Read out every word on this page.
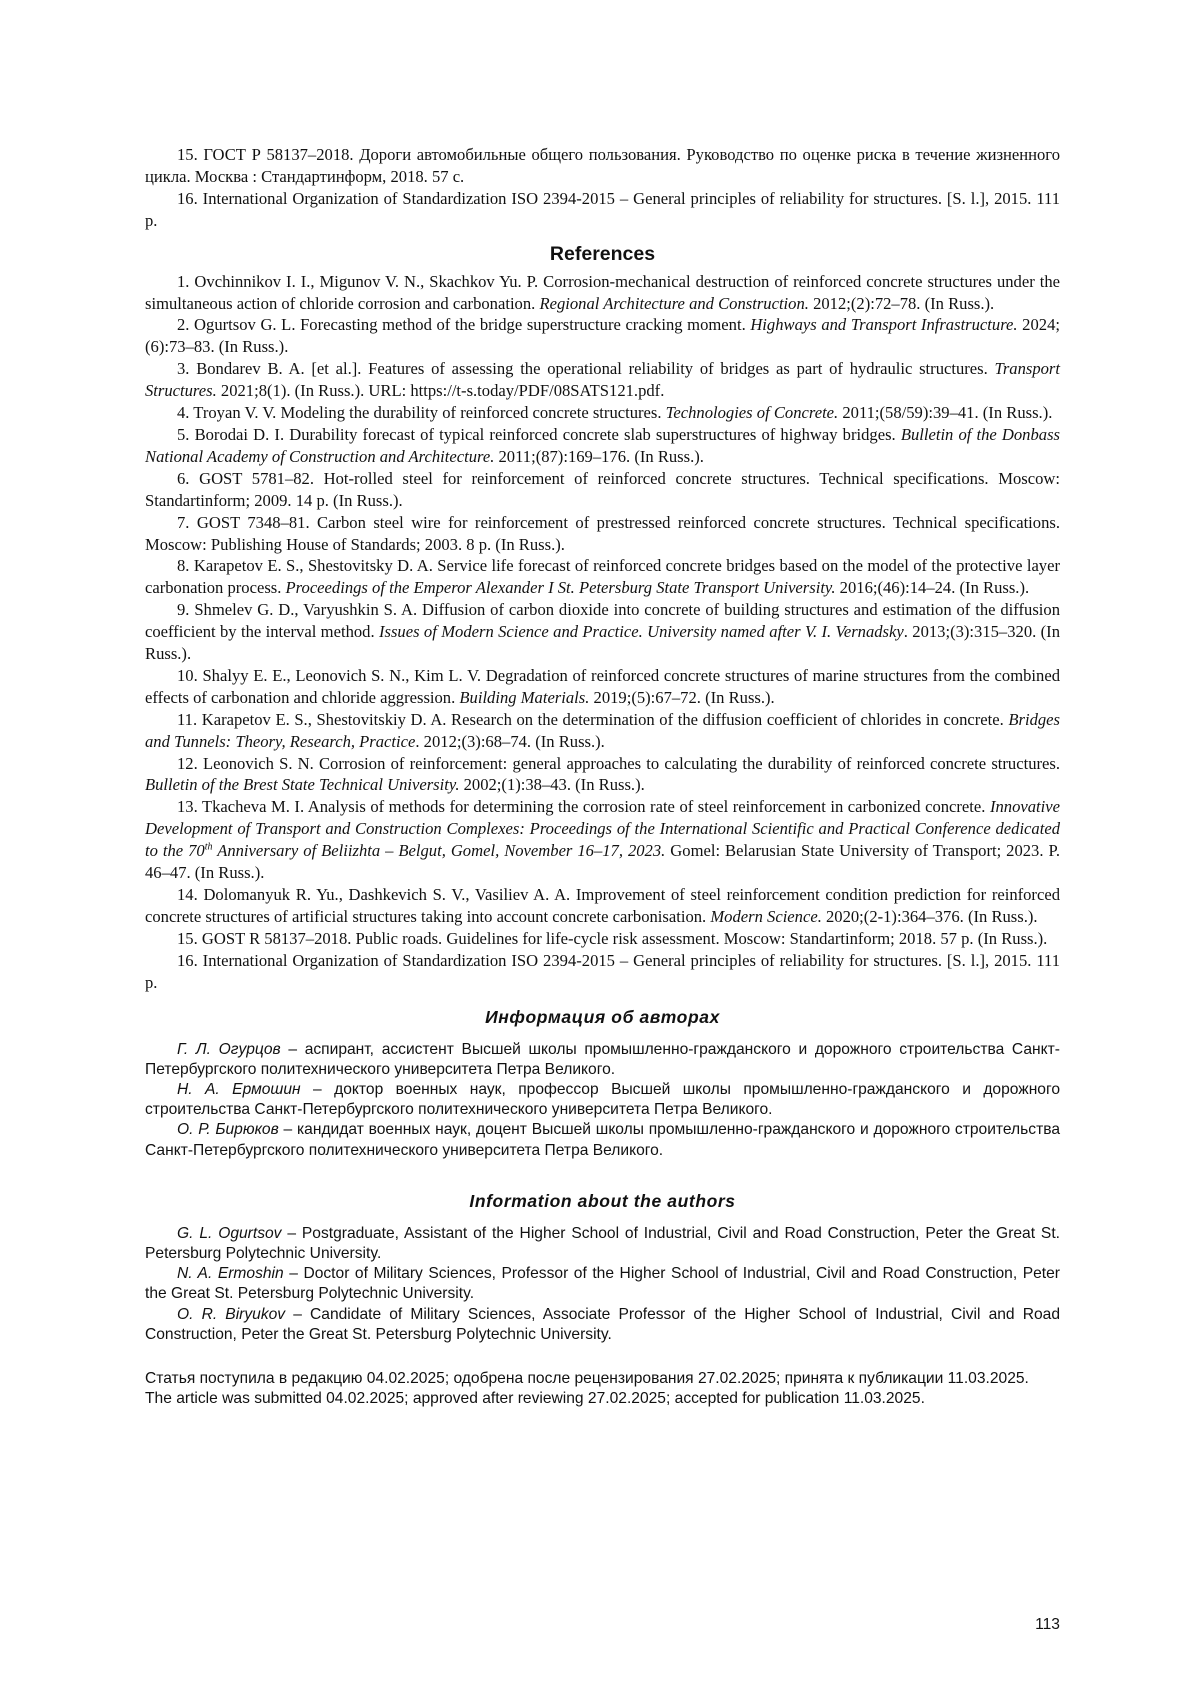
15. ГОСТ Р 58137–2018. Дороги автомобильные общего пользования. Руководство по оценке риска в течение жизненного цикла. Москва : Стандартинформ, 2018. 57 с.

16. International Organization of Standardization ISO 2394-2015 – General principles of reliability for structures. [S. l.], 2015. 111 p.

References

1. Ovchinnikov I. I., Migunov V. N., Skachkov Yu. P. Corrosion-mechanical destruction of reinforced concrete structures under the simultaneous action of chloride corrosion and carbonation. Regional Architecture and Construction. 2012;(2):72–78. (In Russ.).

2. Ogurtsov G. L. Forecasting method of the bridge superstructure cracking moment. Highways and Transport Infrastructure. 2024;(6):73–83. (In Russ.).

3. Bondarev B. A. [et al.]. Features of assessing the operational reliability of bridges as part of hydraulic structures. Transport Structures. 2021;8(1). (In Russ.). URL: https://t-s.today/PDF/08SATS121.pdf.

4. Troyan V. V. Modeling the durability of reinforced concrete structures. Technologies of Concrete. 2011;(58/59):39–41. (In Russ.).

5. Borodai D. I. Durability forecast of typical reinforced concrete slab superstructures of highway bridges. Bulletin of the Donbass National Academy of Construction and Architecture. 2011;(87):169–176. (In Russ.).

6. GOST 5781–82. Hot-rolled steel for reinforcement of reinforced concrete structures. Technical specifications. Moscow: Standartinform; 2009. 14 p. (In Russ.).

7. GOST 7348–81. Carbon steel wire for reinforcement of prestressed reinforced concrete structures. Technical specifications. Moscow: Publishing House of Standards; 2003. 8 p. (In Russ.).

8. Karapetov E. S., Shestovitsky D. A. Service life forecast of reinforced concrete bridges based on the model of the protective layer carbonation process. Proceedings of the Emperor Alexander I St. Petersburg State Transport University. 2016;(46):14–24. (In Russ.).

9. Shmelev G. D., Varyushkin S. A. Diffusion of carbon dioxide into concrete of building structures and estimation of the diffusion coefficient by the interval method. Issues of Modern Science and Practice. University named after V. I. Vernadsky. 2013;(3):315–320. (In Russ.).

10. Shalyy E. E., Leonovich S. N., Kim L. V. Degradation of reinforced concrete structures of marine structures from the combined effects of carbonation and chloride aggression. Building Materials. 2019;(5):67–72. (In Russ.).

11. Karapetov E. S., Shestovitskiy D. A. Research on the determination of the diffusion coefficient of chlorides in concrete. Bridges and Tunnels: Theory, Research, Practice. 2012;(3):68–74. (In Russ.).

12. Leonovich S. N. Corrosion of reinforcement: general approaches to calculating the durability of reinforced concrete structures. Bulletin of the Brest State Technical University. 2002;(1):38–43. (In Russ.).

13. Tkacheva M. I. Analysis of methods for determining the corrosion rate of steel reinforcement in carbonized concrete. Innovative Development of Transport and Construction Complexes: Proceedings of the International Scientific and Practical Conference dedicated to the 70th Anniversary of Beliizhta – Belgut, Gomel, November 16–17, 2023. Gomel: Belarusian State University of Transport; 2023. P. 46–47. (In Russ.).

14. Dolomanyuk R. Yu., Dashkevich S. V., Vasiliev A. A. Improvement of steel reinforcement condition prediction for reinforced concrete structures of artificial structures taking into account concrete carbonisation. Modern Science. 2020;(2-1):364–376. (In Russ.).

15. GOST R 58137–2018. Public roads. Guidelines for life-cycle risk assessment. Moscow: Standartinform; 2018. 57 p. (In Russ.).

16. International Organization of Standardization ISO 2394-2015 – General principles of reliability for structures. [S. l.], 2015. 111 p.

Информация об авторах

Г. Л. Огурцов – аспирант, ассистент Высшей школы промышленно-гражданского и дорожного строительства Санкт-Петербургского политехнического университета Петра Великого.

Н. А. Ермошин – доктор военных наук, профессор Высшей школы промышленно-гражданского и дорожного строительства Санкт-Петербургского политехнического университета Петра Великого.

О. Р. Бирюков – кандидат военных наук, доцент Высшей школы промышленно-гражданского и дорожного строительства Санкт-Петербургского политехнического университета Петра Великого.

Information about the authors

G. L. Ogurtsov – Postgraduate, Assistant of the Higher School of Industrial, Civil and Road Construction, Peter the Great St. Petersburg Polytechnic University.

N. A. Ermoshin – Doctor of Military Sciences, Professor of the Higher School of Industrial, Civil and Road Construction, Peter the Great St. Petersburg Polytechnic University.

O. R. Biryukov – Candidate of Military Sciences, Associate Professor of the Higher School of Industrial, Civil and Road Construction, Peter the Great St. Petersburg Polytechnic University.

Статья поступила в редакцию 04.02.2025; одобрена после рецензирования 27.02.2025; принята к публикации 11.03.2025.

The article was submitted 04.02.2025; approved after reviewing 27.02.2025; accepted for publication 11.03.2025.

113
